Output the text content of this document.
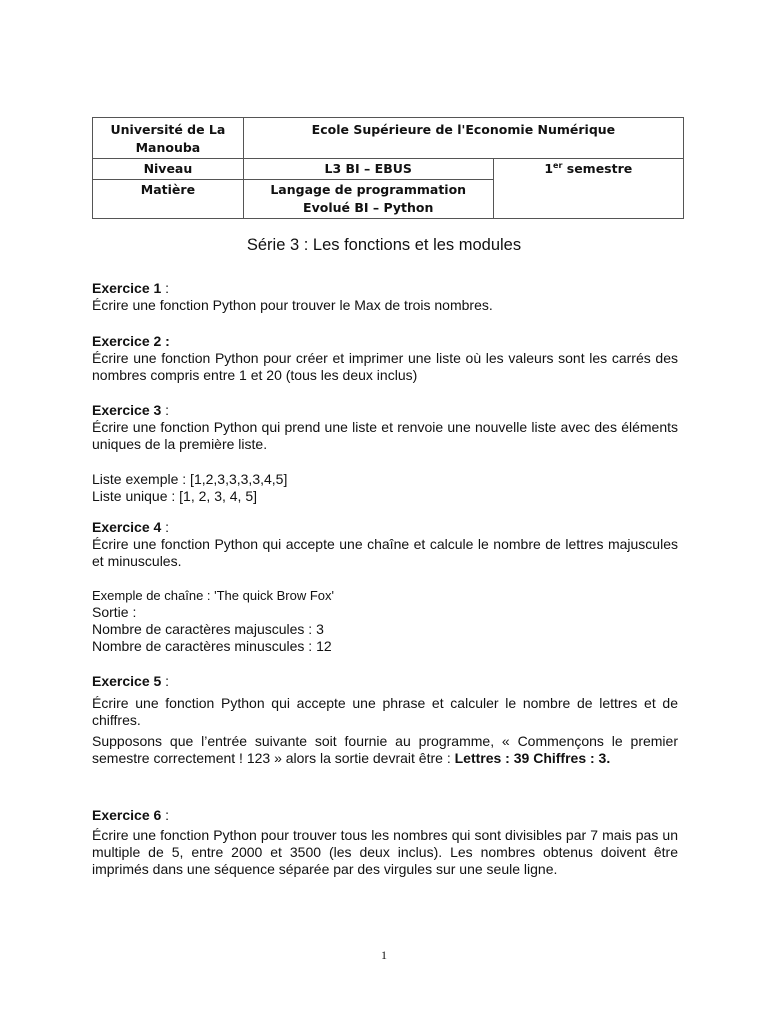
Université de La Manouba	Ecole Supérieure de l'Economie Numérique	
Niveau	L3 BI – EBUS	1er semestre
Matière	Langage de programmation Evolué BI – Python	
Série 3 : Les fonctions et les modules

Exercice 1 :

Écrire une fonction Python pour trouver le Max de trois nombres.

Exercice 2 :

Écrire une fonction Python pour créer et imprimer une liste où les valeurs sont les carrés des nombres compris entre 1 et 20 (tous les deux inclus)

Exercice 3 :

Écrire une fonction Python qui prend une liste et renvoie une nouvelle liste avec des éléments uniques de la première liste.

Liste exemple : [1,2,3,3,3,3,4,5]

Liste unique : [1, 2, 3, 4, 5]

Exercice 4 :

Écrire une fonction Python qui accepte une chaîne et calcule le nombre de lettres majuscules et minuscules.

Exemple de chaîne : 'The quick Brow Fox'

Sortie :

Nombre de caractères majuscules : 3

Nombre de caractères minuscules : 12

Exercice 5 :

Écrire une fonction Python qui accepte une phrase et calculer le nombre de lettres et de chiffres.

Supposons que l’entrée suivante soit fournie au programme, « Commençons le premier semestre correctement ! 123 » alors la sortie devrait être : Lettres : 39 Chiffres : 3.

Exercice 6 :

Écrire une fonction Python pour trouver tous les nombres qui sont divisibles par 7 mais pas un multiple de 5, entre 2000 et 3500 (les deux inclus). Les nombres obtenus doivent être imprimés dans une séquence séparée par des virgules sur une seule ligne.

1
